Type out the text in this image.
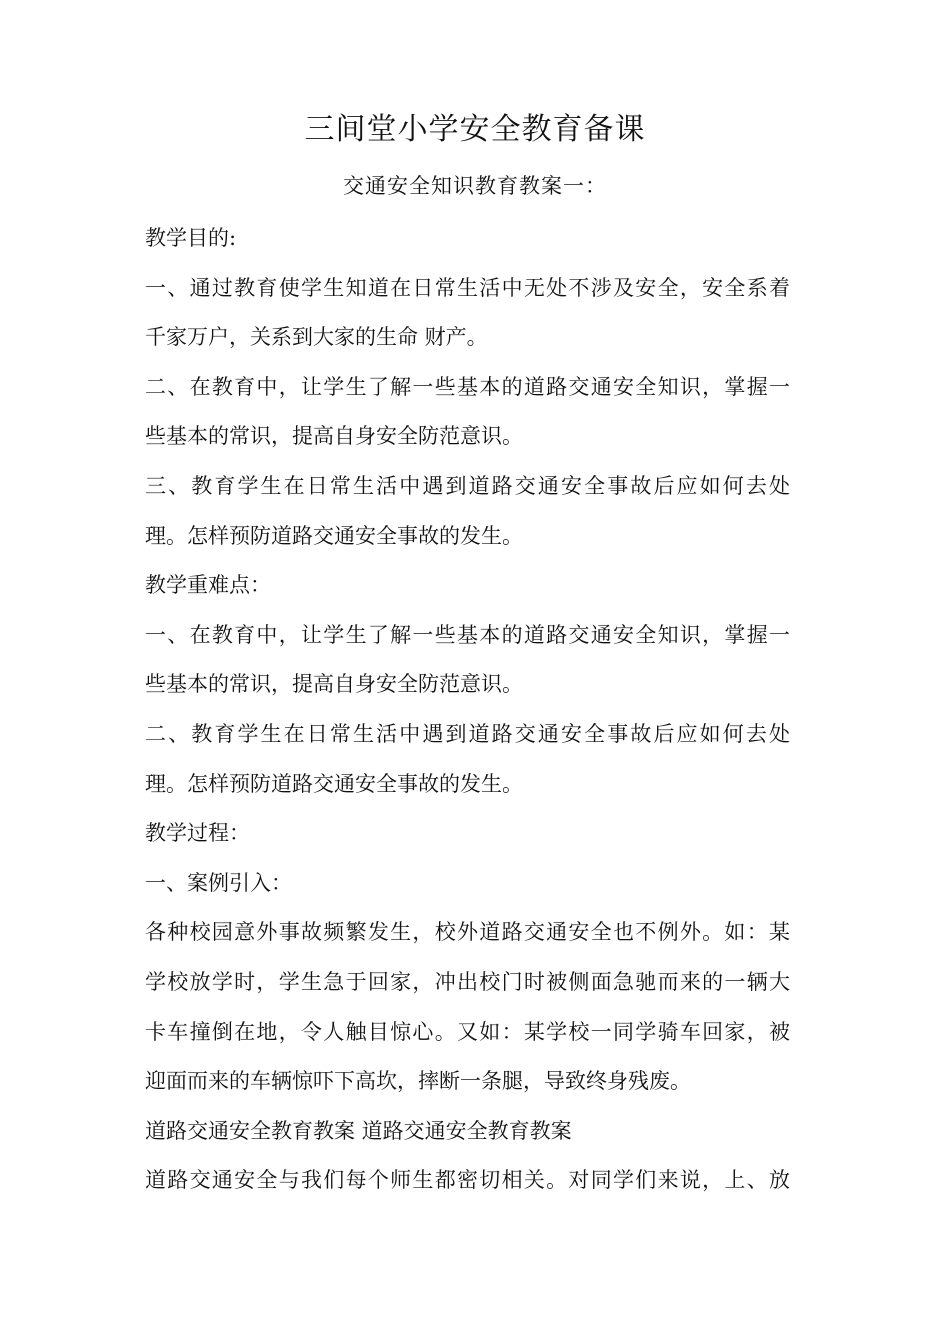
三间堂小学安全教育备课
交通安全知识教育教案一：
教学目的:
一、通过教育使学生知道在日常生活中无处不涉及安全，安全系着
千家万户，关系到大家的生命 财产。
二、在教育中，让学生了解一些基本的道路交通安全知识，掌握一
些基本的常识，提高自身安全防范意识。
三、教育学生在日常生活中遇到道路交通安全事故后应如何去处
理。怎样预防道路交通安全事故的发生。
教学重难点：
一、在教育中，让学生了解一些基本的道路交通安全知识，掌握一
些基本的常识，提高自身安全防范意识。
二、教育学生在日常生活中遇到道路交通安全事故后应如何去处
理。怎样预防道路交通安全事故的发生。
教学过程：
一、案例引入：
各种校园意外事故频繁发生，校外道路交通安全也不例外。如：某
学校放学时，学生急于回家，冲出校门时被侧面急驰而来的一辆大
卡车撞倒在地，令人触目惊心。又如：某学校一同学骑车回家，被
迎面而来的车辆惊吓下高坎，摔断一条腿，导致终身残废。
道路交通安全教育教案 道路交通安全教育教案
道路交通安全与我们每个师生都密切相关。对同学们来说，上、放
